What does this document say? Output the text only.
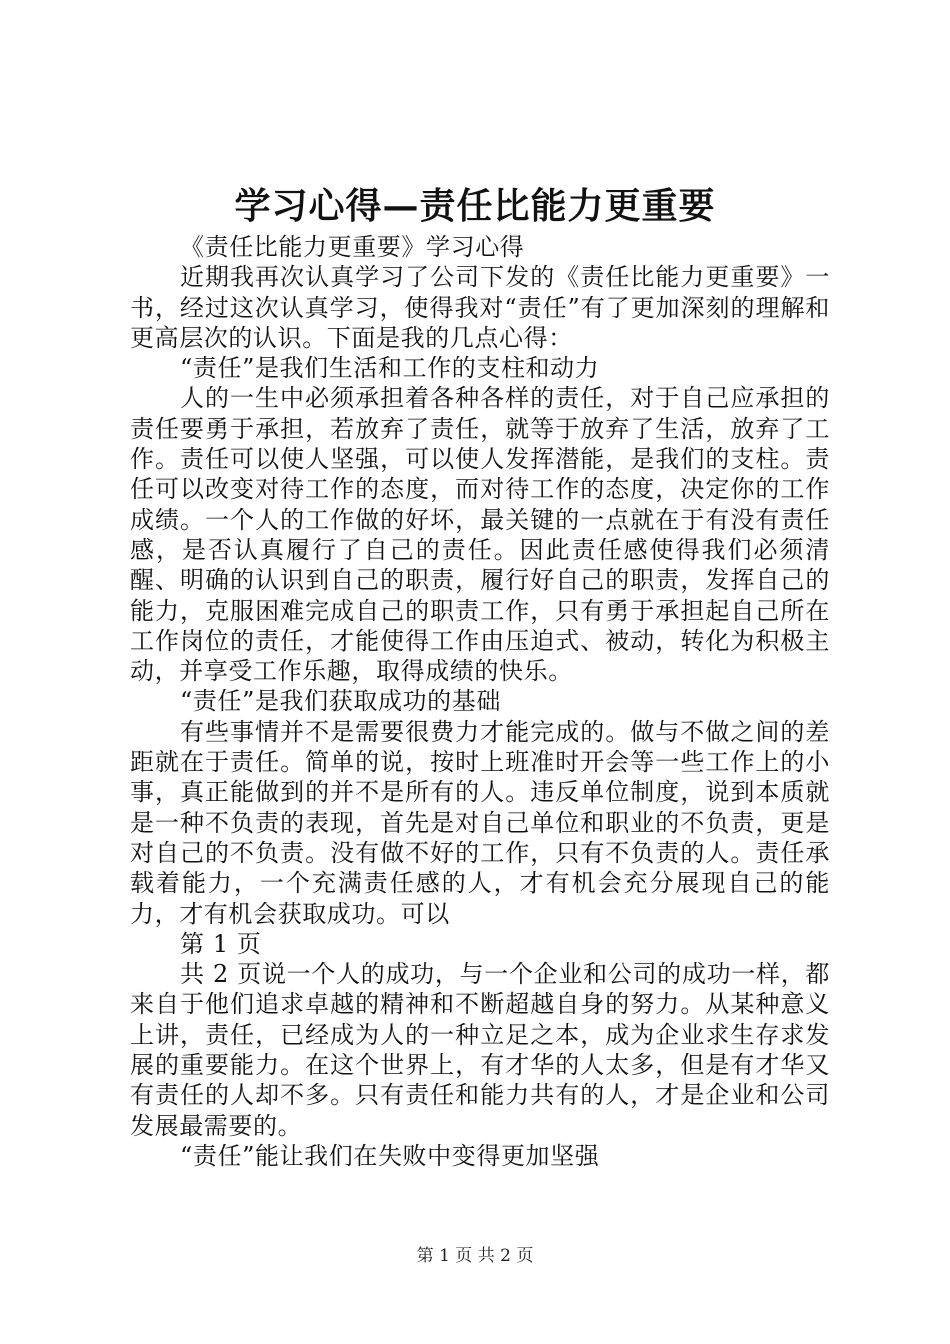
学习心得—责任比能力更重要

《责任比能力更重要》学习心得

近期我再次认真学习了公司下发的《责任比能力更重要》一书，经过这次认真学习，使得我对“责任”有了更加深刻的理解和更高层次的认识。下面是我的几点心得：

“责任”是我们生活和工作的支柱和动力

人的一生中必须承担着各种各样的责任，对于自己应承担的责任要勇于承担，若放弃了责任，就等于放弃了生活，放弃了工作。责任可以使人坚强，可以使人发挥潜能，是我们的支柱。责任可以改变对待工作的态度，而对待工作的态度，决定你的工作成绩。一个人的工作做的好坏，最关键的一点就在于有没有责任感，是否认真履行了自己的责任。因此责任感使得我们必须清醒、明确的认识到自己的职责，履行好自己的职责，发挥自己的能力，克服困难完成自己的职责工作，只有勇于承担起自己所在工作岗位的责任，才能使得工作由压迫式、被动，转化为积极主动，并享受工作乐趣，取得成绩的快乐。

“责任”是我们获取成功的基础

有些事情并不是需要很费力才能完成的。做与不做之间的差距就在于责任。简单的说，按时上班准时开会等一些工作上的小事，真正能做到的并不是所有的人。违反单位制度，说到本质就是一种不负责的表现，首先是对自己单位和职业的不负责，更是对自己的不负责。没有做不好的工作，只有不负责的人。责任承载着能力，一个充满责任感的人，才有机会充分展现自己的能力，才有机会获取成功。可以

第 1 页

共 2 页说一个人的成功，与一个企业和公司的成功一样，都来自于他们追求卓越的精神和不断超越自身的努力。从某种意义上讲，责任，已经成为人的一种立足之本，成为企业求生存求发展的重要能力。在这个世界上，有才华的人太多，但是有才华又有责任的人却不多。只有责任和能力共有的人，才是企业和公司发展最需要的。

“责任”能让我们在失败中变得更加坚强

第 1 页 共 2 页
